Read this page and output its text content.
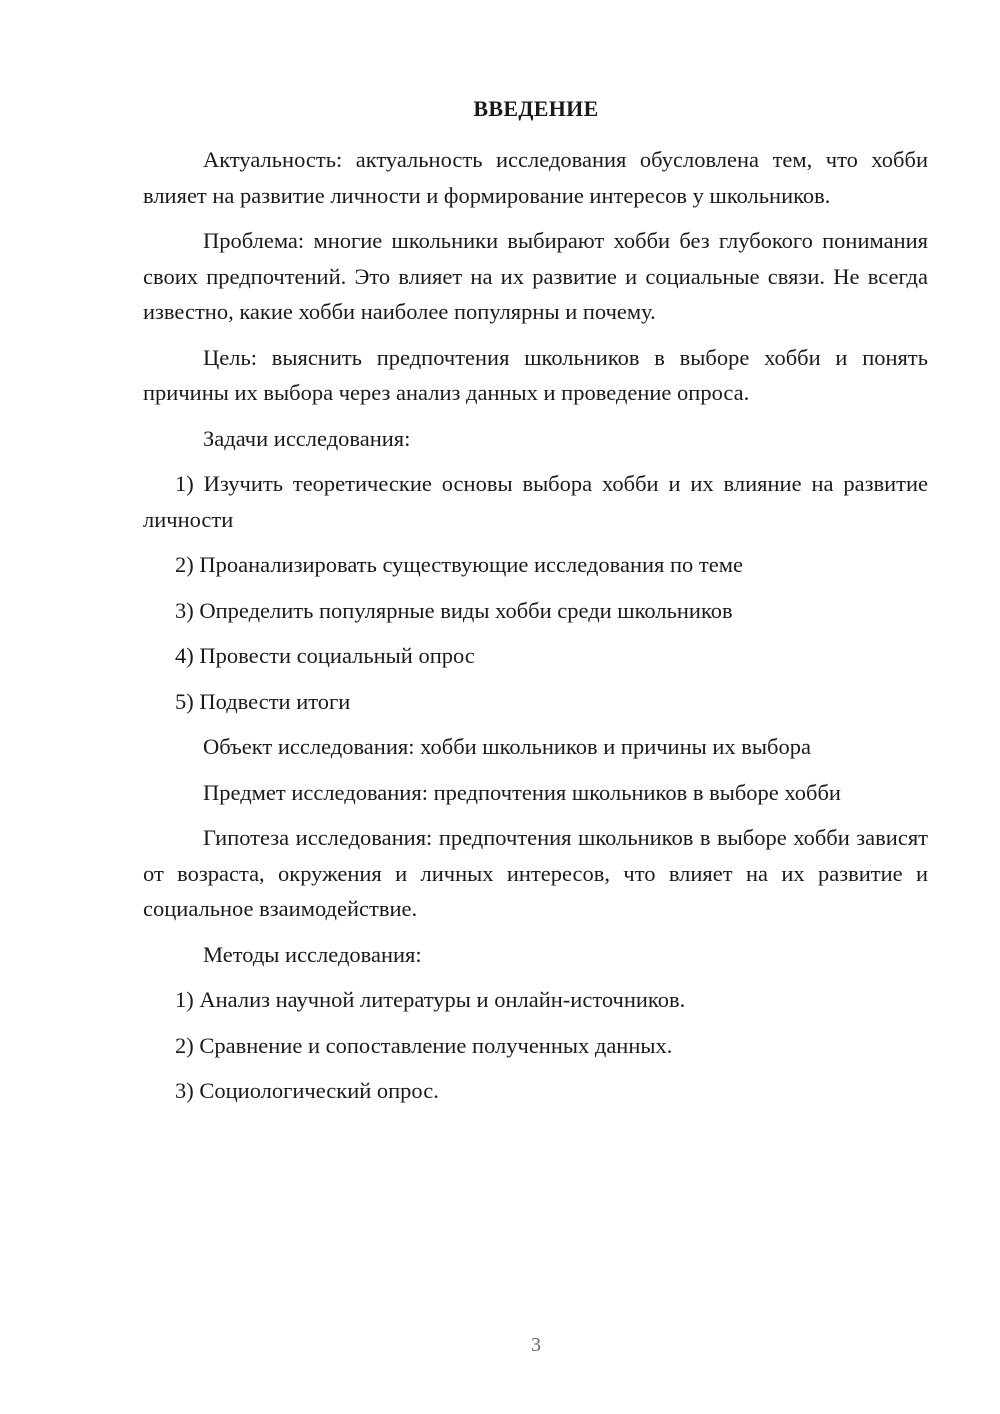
ВВЕДЕНИЕ

Актуальность: актуальность исследования обусловлена тем, что хобби влияет на развитие личности и формирование интересов у школьников.

Проблема: многие школьники выбирают хобби без глубокого понимания своих предпочтений. Это влияет на их развитие и социальные связи. Не всегда известно, какие хобби наиболее популярны и почему.

Цель: выяснить предпочтения школьников в выборе хобби и понять причины их выбора через анализ данных и проведение опроса.

Задачи исследования:

1) Изучить теоретические основы выбора хобби и их влияние на развитие личности

2) Проанализировать существующие исследования по теме

3) Определить популярные виды хобби среди школьников

4) Провести социальный опрос

5) Подвести итоги

Объект исследования: хобби школьников и причины их выбора

Предмет исследования: предпочтения школьников в выборе хобби

Гипотеза исследования: предпочтения школьников в выборе хобби зависят от возраста, окружения и личных интересов, что влияет на их развитие и социальное взаимодействие.

Методы исследования:

1) Анализ научной литературы и онлайн-источников.

2) Сравнение и сопоставление полученных данных.

3) Социологический опрос.

3
